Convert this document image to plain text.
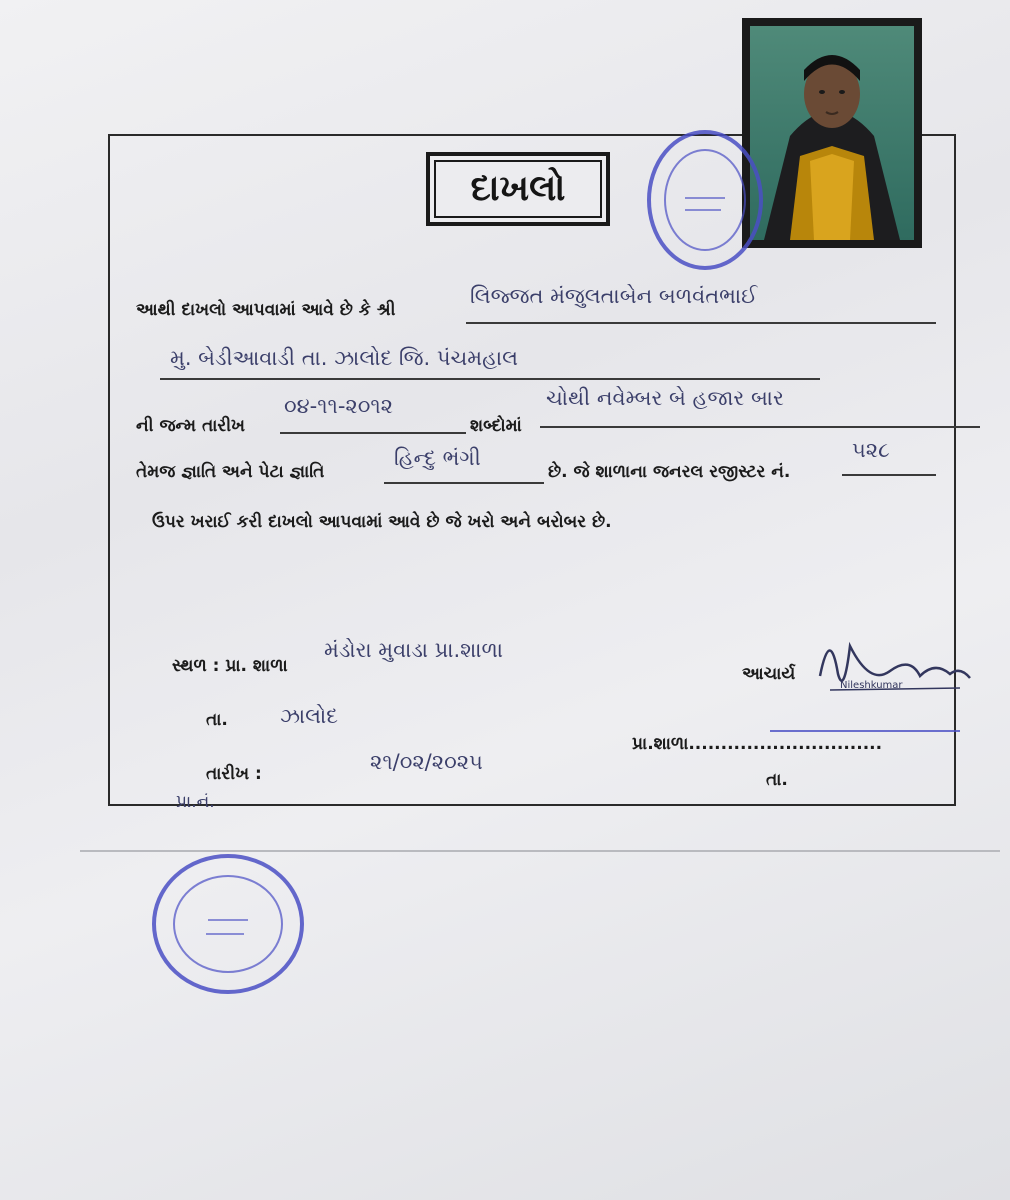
દાખલો
આથી દાખલો આપવામાં આવે છે કે શ્રી
લિજ્જત મંજુલતાબેન બળવંતભાઈ
મુ. બેડીઆવાડી તા. ઝાલોદ જિ. પંચમહાલ
ની જન્મ તારીખ
૦૪-૧૧-૨૦૧૨
શબ્દોમાં
ચોથી નવેમ્બર બે હજાર બાર
તેમજ જ્ઞાતિ અને પેટા જ્ઞાતિ
હિન્દુ ભંગી
છે. જે શાળાના જનરલ રજીસ્ટર નં.
૫૨૮
ઉપર ખરાઈ કરી દાખલો આપવામાં આવે છે જે ખરો અને બરોબર છે.
સ્થળ : પ્રા. શાળા
મંડોરા મુવાડા પ્રા.શાળા
તા. ઝાલોદ
તારીખ :	૨૧/૦૨/૨૦૨૫
પ્રા.નં.
આચાર્ય
Nileshkumar
પ્રા.શાળા..............................
તા.
